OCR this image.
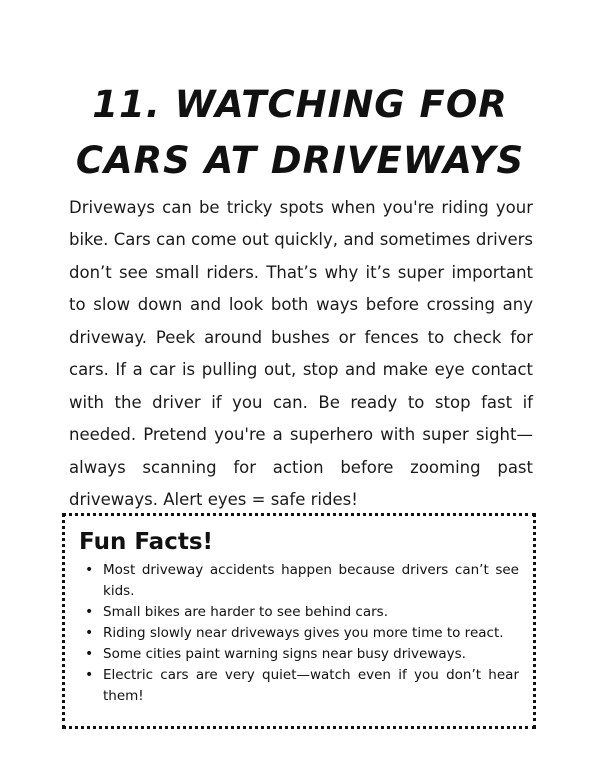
11. WATCHING FOR CARS AT DRIVEWAYS

Driveways can be tricky spots when you're riding your bike. Cars can come out quickly, and sometimes drivers don’t see small riders. That’s why it’s super important to slow down and look both ways before crossing any driveway. Peek around bushes or fences to check for cars. If a car is pulling out, stop and make eye contact with the driver if you can. Be ready to stop fast if needed. Pretend you're a superhero with super sight—always scanning for action before zooming past driveways. Alert eyes = safe rides!

Fun Facts!
• Most driveway accidents happen because drivers can’t see kids.
• Small bikes are harder to see behind cars.
• Riding slowly near driveways gives you more time to react.
• Some cities paint warning signs near busy driveways.
• Electric cars are very quiet—watch even if you don’t hear them!
